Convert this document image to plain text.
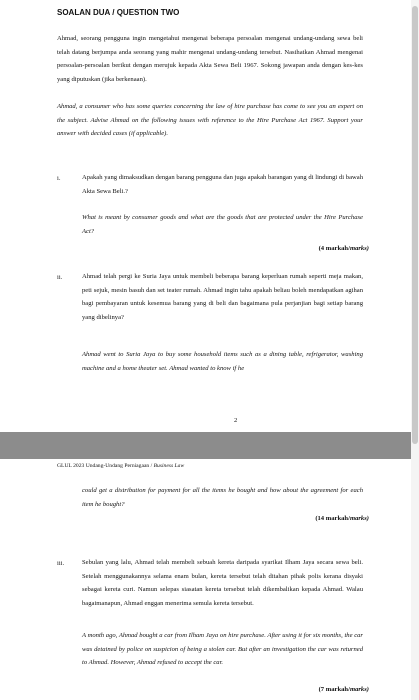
SOALAN DUA / QUESTION TWO
Ahmad, seorang pengguna ingin mengetahui mengenai beberapa persoalan mengenai undang-undang sewa beli telah datang berjumpa anda seorang yang mahir mengenai undang-undang tersebut. Nasihatkan Ahmad mengenai persoalan-persoalan berikut dengan merujuk kepada Akta Sewa Beli 1967. Sokong jawapan anda dengan kes-kes yang diputuskan (jika berkenaan).
Ahmad, a consumer who has some queries concerning the law of hire purchase has come to see you an expert on the subject. Advise Ahmad on the following issues with reference to the Hire Purchase Act 1967. Support your answer with decided cases (if applicable).
i.	Apakah yang dimaksudkan dengan barang pengguna dan juga apakah barangan yang di lindungi di bawah Akta Sewa Beli.?
What is meant by consumer goods and what are the goods that are protected under the Hire Purchase Act?
(4 markah/marks)
ii.	Ahmad telah pergi ke Suria Jaya untuk membeli beberapa barang keperluan rumah seperti meja makan, peti sejuk, mesin basuh dan set teater rumah. Ahmad ingin tahu apakah beliau boleh mendapatkan agihan bagi pembayaran untuk kesemua barang yang di beli dan bagaimana pula perjanjian bagi setiap barang yang dibelinya?
Ahmad went to Suria Jaya to buy some household items such as a dining table, refrigerator, washing machine and a home theater set. Ahmad wanted to know if he
2
GLUL 2023 Undang-Undang Perniagaan / Business Law
could get a distribution for payment for all the items he bought and how about the agreement for each item he bought?
(14 markah/marks)
iii.	Sebulan yang lalu, Ahmad telah membeli sebuah kereta daripada syarikat Ilham Jaya secara sewa beli. Setelah menggunakannya selama enam bulan, kereta tersebut telah ditahan pihak polis kerana disyaki sebagai kereta curi. Namun selepas siasatan kereta tersebut telah dikembalikan kepada Ahmad. Walau bagaimanapun, Ahmad enggan menerima semula kereta tersebut.
A month ago, Ahmad bought a car from Ilham Jaya on hire purchase. After using it for six months, the car was detained by police on suspicion of being a stolen car. But after an investigation the car was returned to Ahmad. However, Ahmad refused to accept the car.
(7 markah/marks)
